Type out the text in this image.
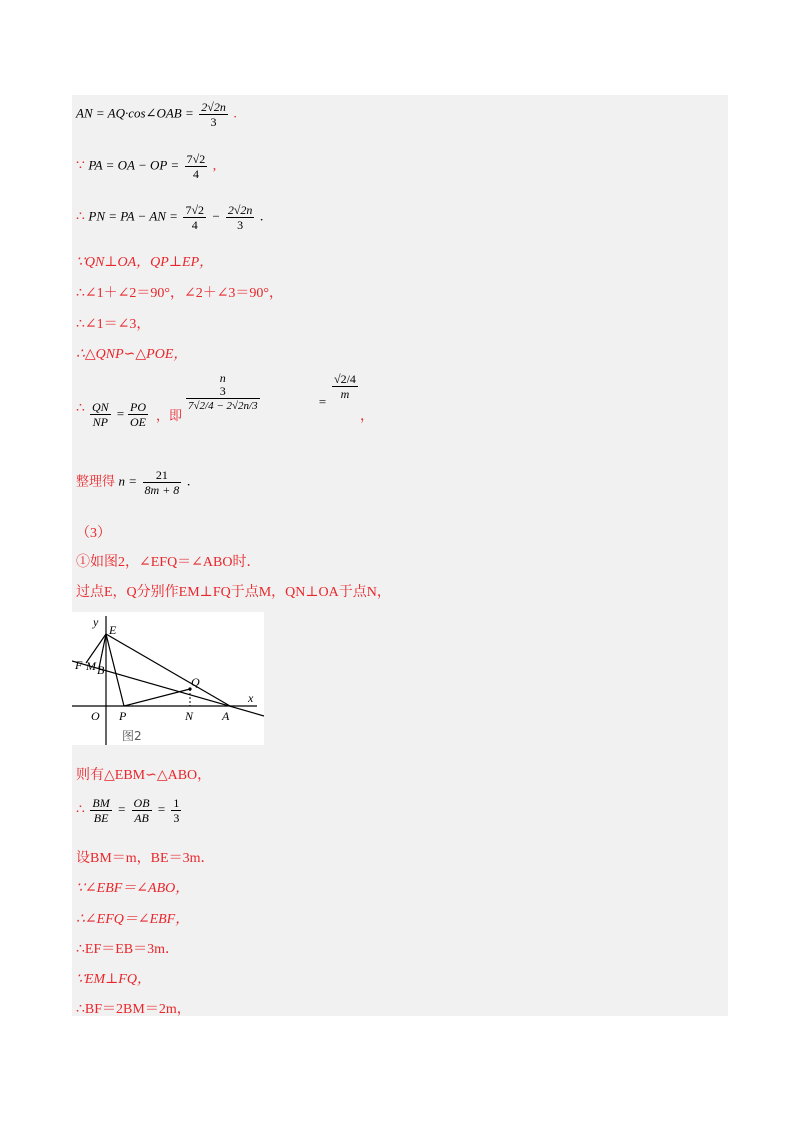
AN = AQ·cos∠OAB = $\frac{2√2n}{3}$ .
∵ PA = OA − OP = $\frac{7√2}{4}$ ,
∴ PN = PA − AN = $\frac{7√2}{4} - \frac{2√2n}{3}$ .
∵QN⊥OA，QP⊥EP，
∴∠1＋∠2＝90°，∠2＋∠3＝90°，
∴∠1＝∠3，
∴△QNP∽△POE，
∴ $\frac{QN}{NP} = \frac{PO}{OE}$ ，即
n
3
7√2/4 − 2√2n/3	=
$\frac{√2/4}{m}$
，
整理得 $n = \frac{21}{8m + 8}$ .
（3）
①如图2，∠EFQ＝∠ABO时．
过点E，Q分别作EM⊥FQ于点M，QN⊥OA于点N，
y
E
F M B
Q
x
O P	N A
图2
则有△EBM∽△ABO，
∴ $\frac{BM}{BE} = \frac{OB}{AB} = \frac{1}{3}$
设BM＝m，BE＝3m．
∵∠EBF＝∠ABO，
∴∠EFQ＝∠EBF，
∴EF＝EB＝3m．
∵EM⊥FQ，
∴BF＝2BM＝2m，
